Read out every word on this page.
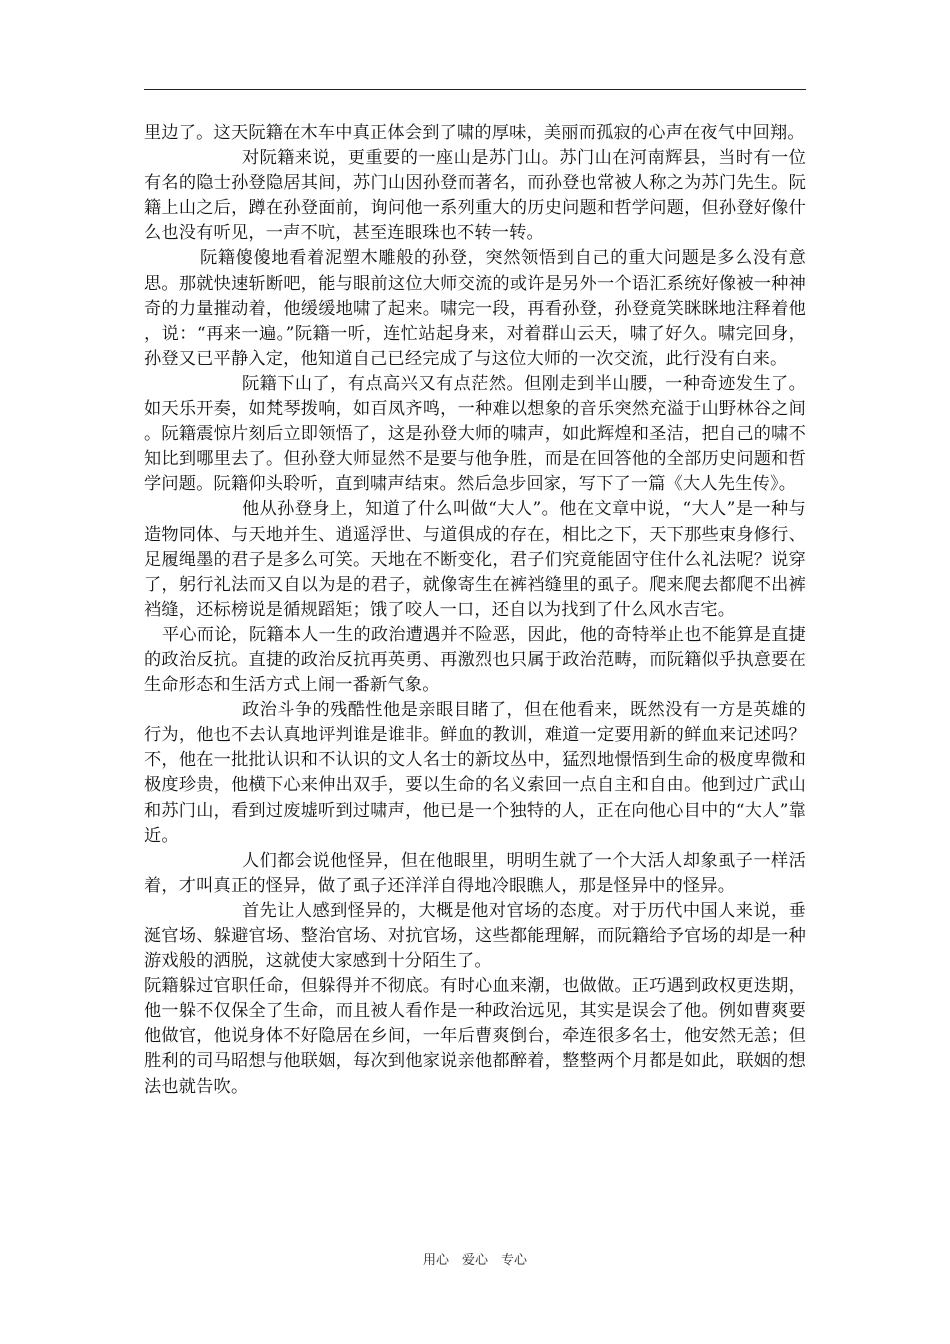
里边了。这天阮籍在木车中真正体会到了啸的厚味，美丽而孤寂的心声在夜气中回翔。

对阮籍来说，更重要的一座山是苏门山。苏门山在河南辉县，当时有一位有名的隐士孙登隐居其间，苏门山因孙登而著名，而孙登也常被人称之为苏门先生。阮籍上山之后，蹲在孙登面前，询问他一系列重大的历史问题和哲学问题，但孙登好像什么也没有听见，一声不吭，甚至连眼珠也不转一转。

阮籍傻傻地看着泥塑木雕般的孙登，突然领悟到自己的重大问题是多么没有意思。那就快速斩断吧，能与眼前这位大师交流的或许是另外一个语汇系统好像被一种神奇的力量摧动着，他缓缓地啸了起来。啸完一段，再看孙登，孙登竟笑眯眯地注释着他，说：“再来一遍。”阮籍一听，连忙站起身来，对着群山云天，啸了好久。啸完回身，孙登又已平静入定，他知道自己已经完成了与这位大师的一次交流，此行没有白来。

阮籍下山了，有点高兴又有点茫然。但刚走到半山腰，一种奇迹发生了。如天乐开奏，如梵琴拨响，如百凤齐鸣，一种难以想象的音乐突然充溢于山野林谷之间。阮籍震惊片刻后立即领悟了，这是孙登大师的啸声，如此辉煌和圣洁，把自己的啸不知比到哪里去了。但孙登大师显然不是要与他争胜，而是在回答他的全部历史问题和哲学问题。阮籍仰头聆听，直到啸声结束。然后急步回家，写下了一篇《大人先生传》。

他从孙登身上，知道了什么叫做“大人”。他在文章中说，“大人”是一种与造物同体、与天地并生、逍遥浮世、与道俱成的存在，相比之下，天下那些束身修行、足履绳墨的君子是多么可笑。天地在不断变化，君子们究竟能固守住什么礼法呢？说穿了，躬行礼法而又自以为是的君子，就像寄生在裤裆缝里的虱子。爬来爬去都爬不出裤裆缝，还标榜说是循规蹈矩；饿了咬人一口，还自以为找到了什么风水吉宅。

平心而论，阮籍本人一生的政治遭遇并不险恶，因此，他的奇特举止也不能算是直捷的政治反抗。直捷的政治反抗再英勇、再激烈也只属于政治范畴，而阮籍似乎执意要在生命形态和生活方式上闹一番新气象。

政治斗争的残酷性他是亲眼目睹了，但在他看来，既然没有一方是英雄的行为，他也不去认真地评判谁是谁非。鲜血的教训，难道一定要用新的鲜血来记述吗？不，他在一批批认识和不认识的文人名士的新坟丛中，猛烈地憬悟到生命的极度卑微和极度珍贵，他横下心来伸出双手，要以生命的名义索回一点自主和自由。他到过广武山和苏门山，看到过废墟听到过啸声，他已是一个独特的人，正在向他心目中的“大人”靠近。

人们都会说他怪异，但在他眼里，明明生就了一个大活人却象虱子一样活着，才叫真正的怪异，做了虱子还洋洋自得地冷眼瞧人，那是怪异中的怪异。

首先让人感到怪异的，大概是他对官场的态度。对于历代中国人来说，垂涎官场、躲避官场、整治官场、对抗官场，这些都能理解，而阮籍给予官场的却是一种游戏般的洒脱，这就使大家感到十分陌生了。

阮籍躲过官职任命，但躲得并不彻底。有时心血来潮，也做做。正巧遇到政权更迭期，他一躲不仅保全了生命，而且被人看作是一种政治远见，其实是误会了他。例如曹爽要他做官，他说身体不好隐居在乡间，一年后曹爽倒台，牵连很多名士，他安然无恙；但胜利的司马昭想与他联姻，每次到他家说亲他都醉着，整整两个月都是如此，联姻的想法也就告吹。

用心　爱心　专心
